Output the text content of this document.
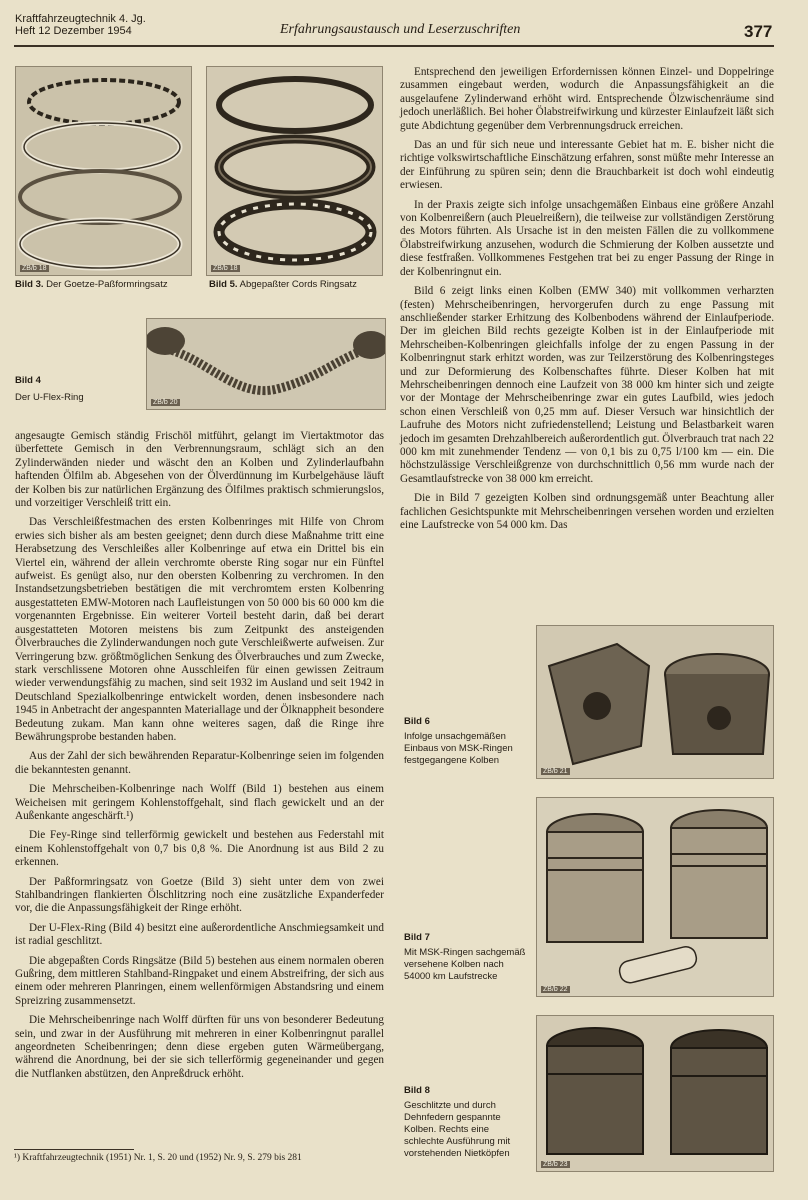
Kraftfahrzeugtechnik 4. Jg.
Heft 12 Dezember 1954	Erfahrungsaustausch und Leserzuschriften	377
ZB/b 18	ZB/b 18
Bild 3. Der Goetze-Paßformringsatz	Bild 5. Abgepaßter Cords Ringsatz
Bild 4
Der U-Flex-Ring	ZB/b 20

angesaugte Gemisch ständig Frischöl mitführt, gelangt im Viertaktmotor das überfettete Gemisch in den Verbrennungsraum, schlägt sich an den Zylinderwänden nieder und wäscht den an Kolben und Zylinderlaufbahn haftenden Ölfilm ab. Abgesehen von der Ölverdünnung im Kurbelgehäuse läuft der Kolben bis zur natürlichen Ergänzung des Ölfilmes praktisch schmierungslos, und vorzeitiger Verschleiß tritt ein.

Das Verschleißfestmachen des ersten Kolbenringes mit Hilfe von Chrom erwies sich bisher als am besten geeignet; denn durch diese Maßnahme tritt eine Herabsetzung des Verschleißes aller Kolbenringe auf etwa ein Drittel bis ein Viertel ein, während der allein verchromte oberste Ring sogar nur ein Fünftel aufweist. Es genügt also, nur den obersten Kolbenring zu verchromen. In den Instandsetzungsbetrieben bestätigen die mit verchromtem ersten Kolbenring ausgestatteten EMW-Motoren nach Laufleistungen von 50 000 bis 60 000 km die vorgenannten Ergebnisse. Ein weiterer Vorteil besteht darin, daß bei derart ausgestatteten Motoren meistens bis zum Zeitpunkt des ansteigenden Ölverbrauches die Zylinderwandungen noch gute Verschleißwerte aufweisen. Zur Verringerung bzw. größtmöglichen Senkung des Ölverbrauches und zum Zwecke, stark verschlissene Motoren ohne Ausschleifen für einen gewissen Zeitraum wieder verwendungsfähig zu machen, sind seit 1932 im Ausland und seit 1942 in Deutschland Spezialkolbenringe entwickelt worden, denen insbesondere nach 1945 in Anbetracht der angespannten Materiallage und der Ölknappheit besondere Bedeutung zukam. Man kann ohne weiteres sagen, daß die Ringe ihre Bewährungsprobe bestanden haben.

Aus der Zahl der sich bewährenden Reparatur-Kolbenringe seien im folgenden die bekanntesten genannt.

Die Mehrscheiben-Kolbenringe nach Wolff (Bild 1) bestehen aus einem Weicheisen mit geringem Kohlenstoffgehalt, sind flach gewickelt und an der Außenkante angeschärft.¹)

Die Fey-Ringe sind tellerförmig gewickelt und bestehen aus Federstahl mit einem Kohlenstoffgehalt von 0,7 bis 0,8 %. Die Anordnung ist aus Bild 2 zu erkennen.

Der Paßformringsatz von Goetze (Bild 3) sieht unter dem von zwei Stahlbandringen flankierten Ölschlitzring noch eine zusätzliche Expanderfeder vor, die die Anpassungsfähigkeit der Ringe erhöht.

Der U-Flex-Ring (Bild 4) besitzt eine außerordentliche Anschmiegsamkeit und ist radial geschlitzt.

Die abgepaßten Cords Ringsätze (Bild 5) bestehen aus einem normalen oberen Gußring, dem mittleren Stahlband-Ringpaket und einem Abstreifring, der sich aus einem oder mehreren Planringen, einem wellenförmigen Abstandsring und einem Spreizring zusammensetzt.

Die Mehrscheibenringe nach Wolff dürften für uns von besonderer Bedeutung sein, und zwar in der Ausführung mit mehreren in einer Kolbenringnut parallel angeordneten Scheibenringen; denn diese ergeben guten Wärmeübergang, während die Anordnung, bei der sie sich tellerförmig gegeneinander und gegen die Nutflanken abstützen, den Anpreßdruck erhöht.

¹) Kraftfahrzeugtechnik (1951) Nr. 1, S. 20 und (1952) Nr. 9, S. 279 bis 281

Entsprechend den jeweiligen Erfordernissen können Einzel- und Doppelringe zusammen eingebaut werden, wodurch die Anpassungsfähigkeit an die ausgelaufene Zylinderwand erhöht wird. Entsprechende Ölzwischenräume sind jedoch unerläßlich. Bei hoher Ölabstreifwirkung und kürzester Einlaufzeit läßt sich gute Abdichtung gegenüber dem Verbrennungsdruck erreichen.

Das an und für sich neue und interessante Gebiet hat m. E. bisher nicht die richtige volkswirtschaftliche Einschätzung erfahren, sonst müßte mehr Interesse an der Einführung zu spüren sein; denn die Brauchbarkeit ist doch wohl eindeutig erwiesen.

In der Praxis zeigte sich infolge unsachgemäßen Einbaus eine größere Anzahl von Kolbenreißern (auch Pleuelreißern), die teilweise zur vollständigen Zerstörung des Motors führten. Als Ursache ist in den meisten Fällen die zu vollkommene Ölabstreifwirkung anzusehen, wodurch die Schmierung der Kolben aussetzte und diese festfraßen. Vollkommenes Festgehen trat bei zu enger Passung der Ringe in der Kolbenringnut ein.

Bild 6 zeigt links einen Kolben (EMW 340) mit vollkommen verharzten (festen) Mehrscheibenringen, hervorgerufen durch zu enge Passung mit anschließender starker Erhitzung des Kolbenbodens während der Einlaufperiode. Der im gleichen Bild rechts gezeigte Kolben ist in der Einlaufperiode mit Mehrscheiben-Kolbenringen gleichfalls infolge der zu engen Passung in der Kolbenringnut stark erhitzt worden, was zur Teilzerstörung des Kolbenringsteges und zur Deformierung des Kolbenschaftes führte. Dieser Kolben hat mit Mehrscheibenringen dennoch eine Laufzeit von 38 000 km hinter sich und zeigte vor der Montage der Mehrscheibenringe zwar ein gutes Laufbild, wies jedoch schon einen Verschleiß von 0,25 mm auf. Dieser Versuch war hinsichtlich der Laufruhe des Motors nicht zufriedenstellend; Leistung und Belastbarkeit waren jedoch im gesamten Drehzahlbereich außerordentlich gut. Ölverbrauch trat nach 22 000 km mit zunehmender Tendenz — von 0,1 bis zu 0,75 l/100 km — ein. Die höchstzulässige Verschleißgrenze von durchschnittlich 0,56 mm wurde nach der Gesamtlaufstrecke von 38 000 km erreicht.

Die in Bild 7 gezeigten Kolben sind ordnungsgemäß unter Beachtung aller fachlichen Gesichtspunkte mit Mehrscheibenringen versehen worden und erzielten eine Laufstrecke von 54 000 km. Das

Bild 6
Infolge unsachgemäßen Einbaus von MSK-Ringen festgegangene Kolben
ZB/b 21
Bild 7
Mit MSK-Ringen sachgemäß versehene Kolben nach 54000 km Laufstrecke
ZB/b 22
Bild 8
Geschlitzte und durch Dehnfedern gespannte Kolben. Rechts eine schlechte Ausführung mit vorstehenden Nietköpfen
ZB/b 23
